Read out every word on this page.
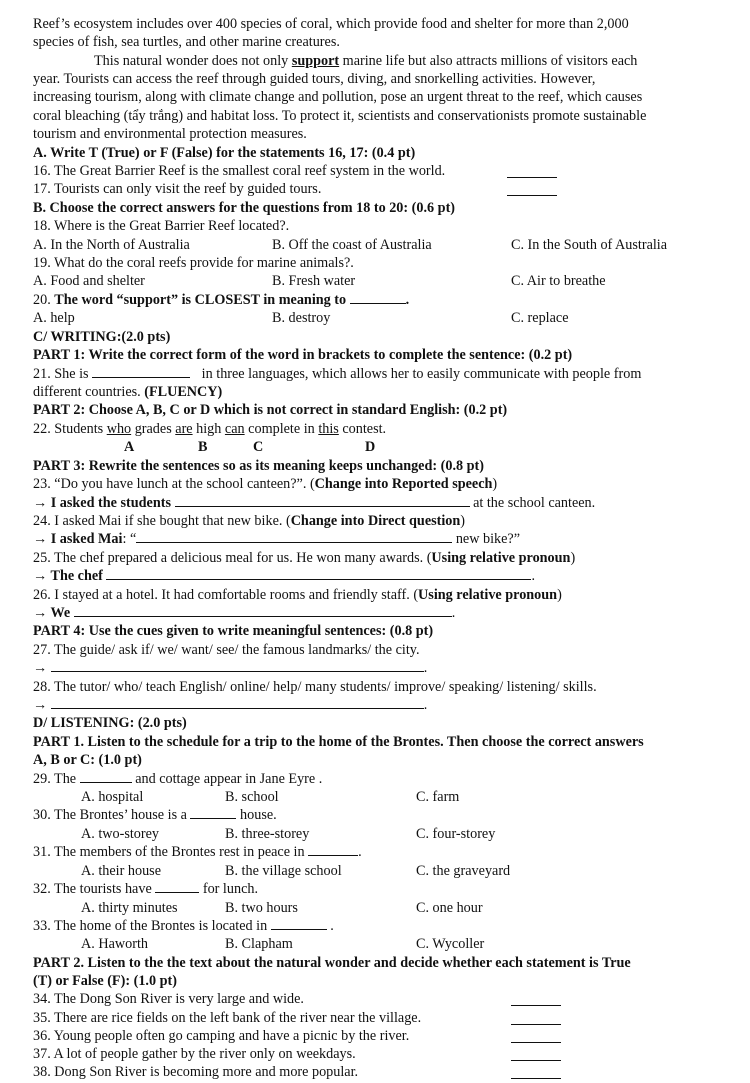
Reef’s ecosystem includes over 400 species of coral, which provide food and shelter for more than 2,000
species of fish, sea turtles, and other marine creatures.
This natural wonder does not only support marine life but also attracts millions of visitors each
year. Tourists can access the reef through guided tours, diving, and snorkelling activities. However,
increasing tourism, along with climate change and pollution, pose an urgent threat to the reef, which causes
coral bleaching (tẩy trắng) and habitat loss. To protect it, scientists and conservationists promote sustainable
tourism and environmental protection measures.
A. Write T (True) or F (False) for the statements 16, 17: (0.4 pt)
16. The Great Barrier Reef is the smallest coral reef system in the world.
17. Tourists can only visit the reef by guided tours.
B. Choose the correct answers for the questions from 18 to 20: (0.6 pt)
18. Where is the Great Barrier Reef located?.
A. In the North of Australia	B. Off the coast of Australia	C. In the South of Australia
19. What do the coral reefs provide for marine animals?.
A. Food and shelter	B. Fresh water	C. Air to breathe
20. The word “support” is CLOSEST in meaning to	.
A. help	B. destroy	C. replace
C/ WRITING:(2.0 pts)
PART 1: Write the correct form of the word in brackets to complete the sentence: (0.2 pt)
21. She is	in three languages, which allows her to easily communicate with people from
different countries. (FLUENCY)
PART 2: Choose A, B, C or D which is not correct in standard English: (0.2 pt)
22. Students who grades are high can complete in this contest.
A	B	C	D
PART 3: Rewrite the sentences so as its meaning keeps unchanged: (0.8 pt)
23. “Do you have lunch at the school canteen?”. (Change into Reported speech)
→ I asked the students	at the school canteen.
24. I asked Mai if she bought that new bike. (Change into Direct question)
→ I asked Mai: “	new bike?”
25. The chef prepared a delicious meal for us. He won many awards. (Using relative pronoun)
→ The chef	.
26. I stayed at a hotel. It had comfortable rooms and friendly staff. (Using relative pronoun)
→ We	.
PART 4: Use the cues given to write meaningful sentences: (0.8 pt)
27. The guide/ ask if/ we/ want/ see/ the famous landmarks/ the city.
→	.
28. The tutor/ who/ teach English/ online/ help/ many students/ improve/ speaking/ listening/ skills.
→	.
D/ LISTENING: (2.0 pts)
PART 1. Listen to the schedule for a trip to the home of the Brontes. Then choose the correct answers
A, B or C: (1.0 pt)
29. The	and cottage appear in Jane Eyre .
A. hospital	B. school	C. farm
30. The Brontes’ house is a	house.
A. two-storey	B. three-storey	C. four-storey
31. The members of the Brontes rest in peace in	.
A. their house	B. the village school	C. the graveyard
32. The tourists have	for lunch.
A. thirty minutes	B. two hours	C. one hour
33. The home of the Brontes is located in	.
A. Haworth	B. Clapham	C. Wycoller
PART 2. Listen to the the text about the natural wonder and decide whether each statement is True
(T) or False (F): (1.0 pt)
34. The Dong Son River is very large and wide.
35. There are rice fields on the left bank of the river near the village.
36. Young people often go camping and have a picnic by the river.
37. A lot of people gather by the river only on weekdays.
38. Dong Son River is becoming more and more popular.
